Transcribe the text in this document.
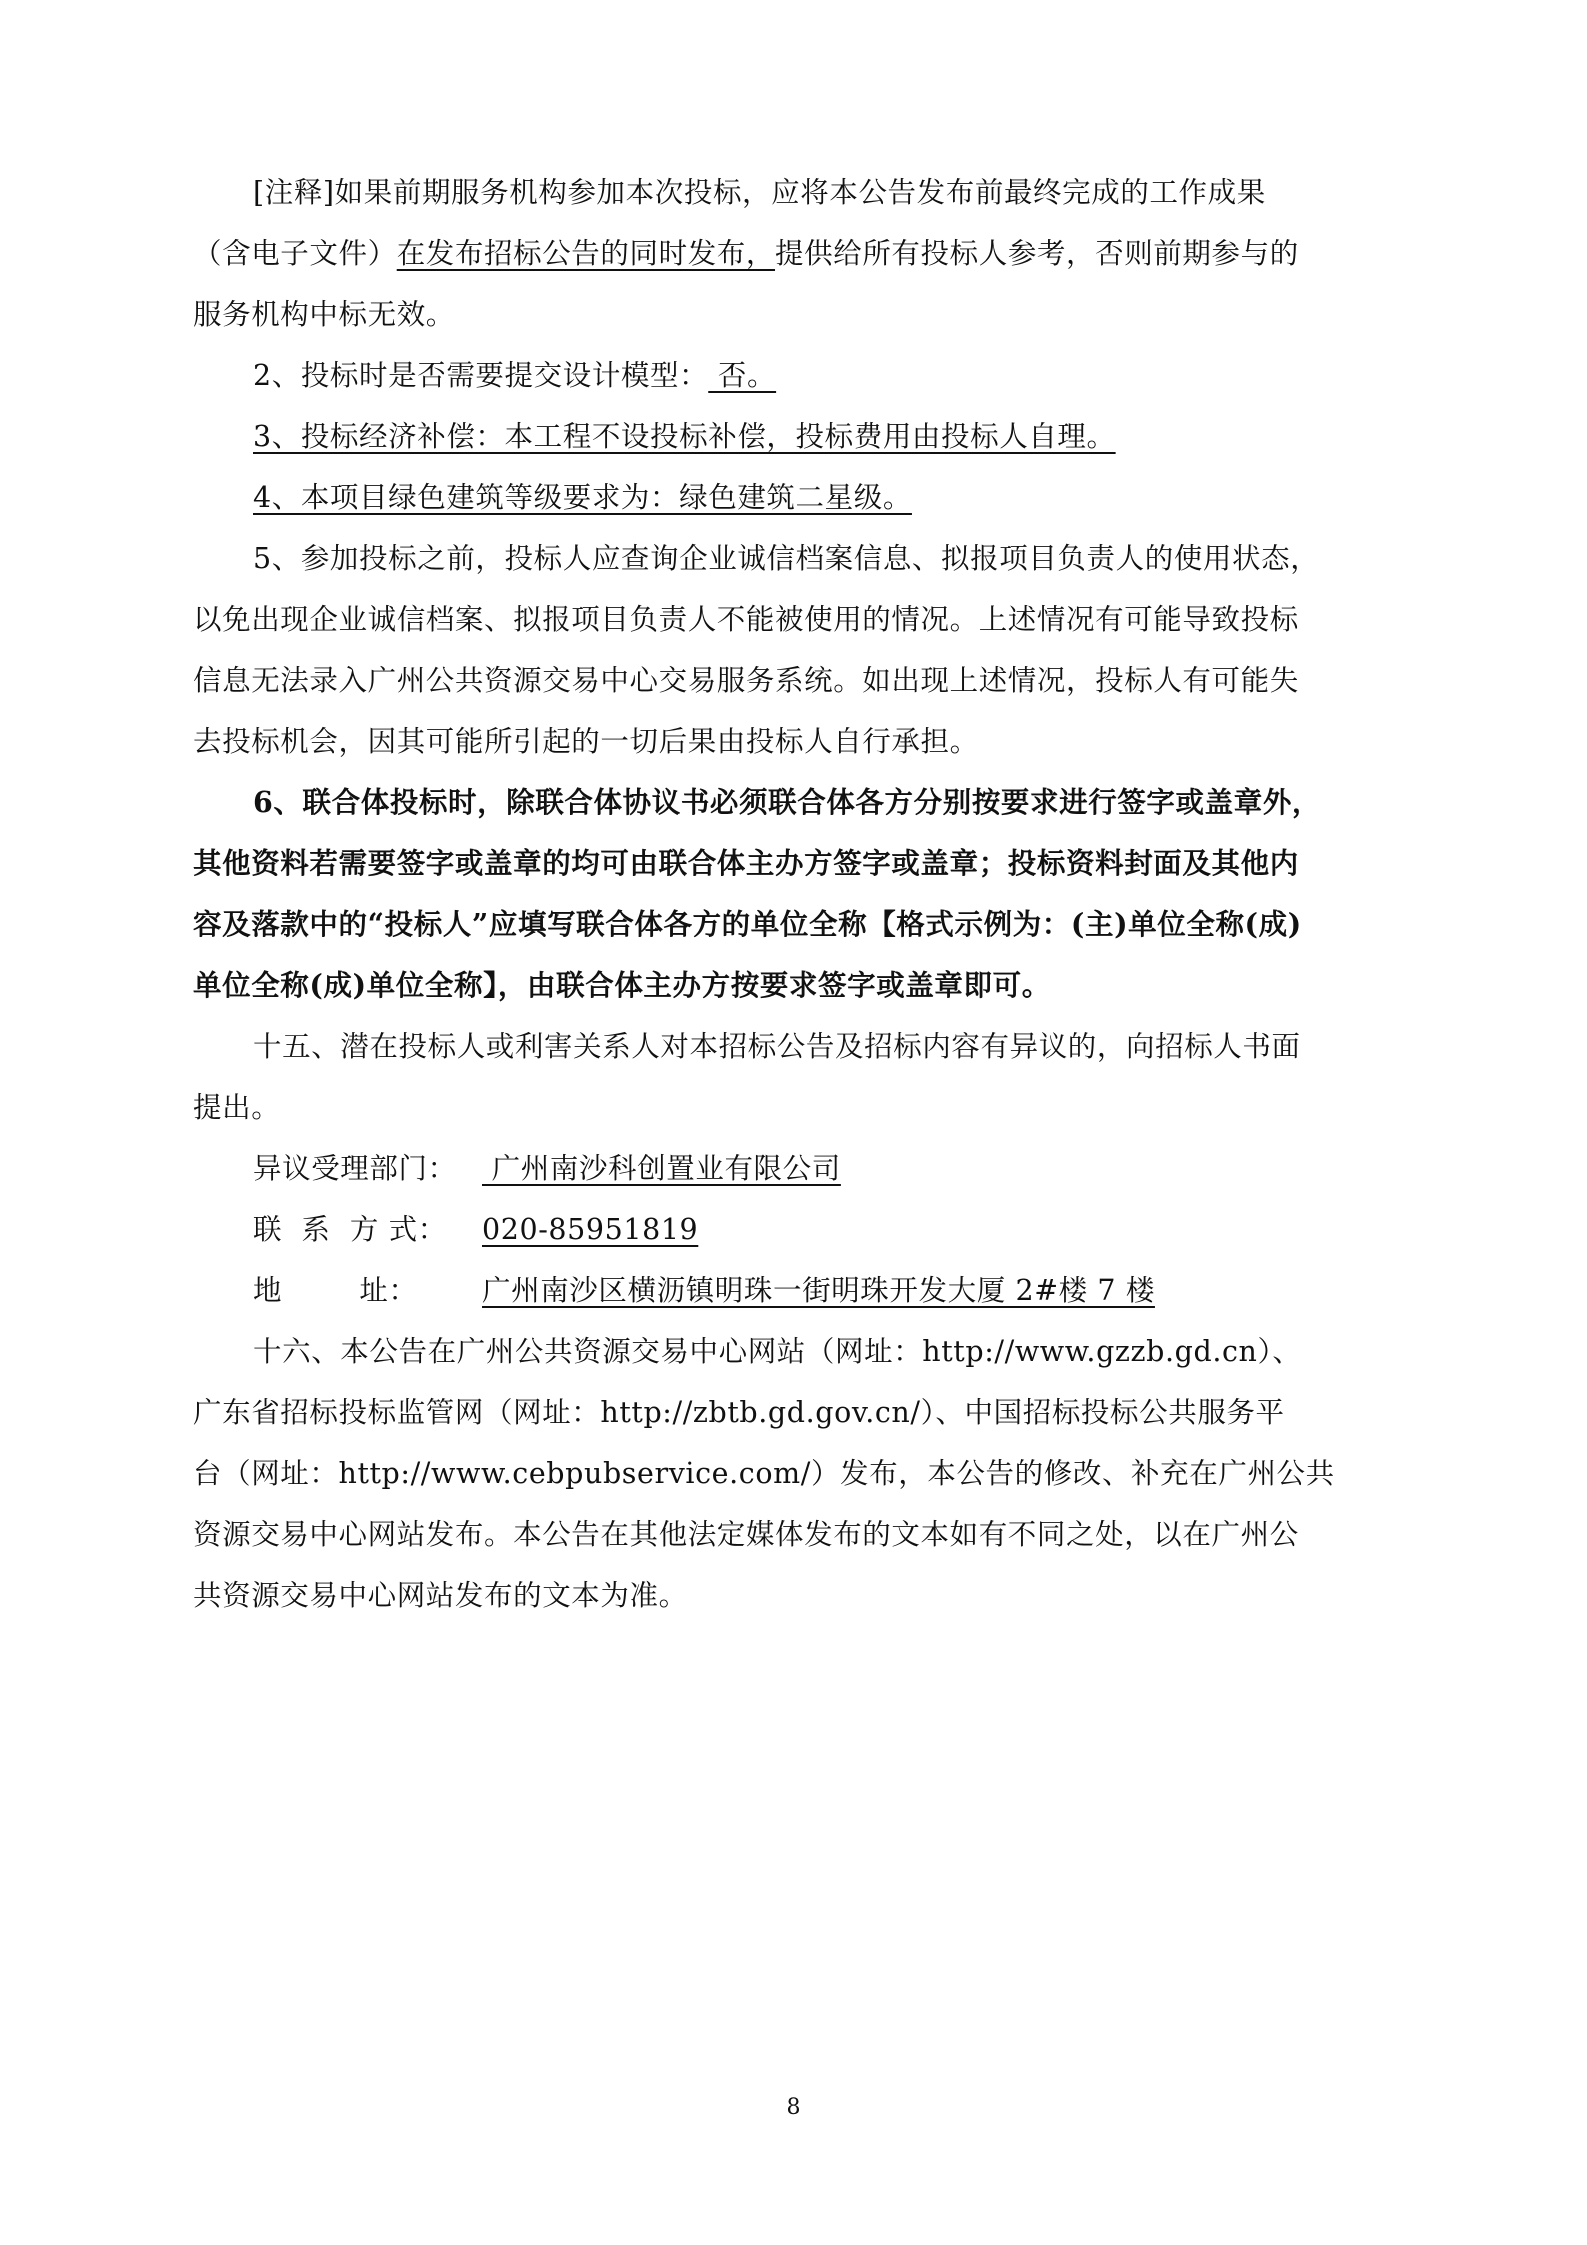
[注释]如果前期服务机构参加本次投标，应将本公告发布前最终完成的工作成果
（含电子文件）在发布招标公告的同时发布，提供给所有投标人参考，否则前期参与的
服务机构中标无效。
2、投标时是否需要提交设计模型： 否。
3、投标经济补偿：本工程不设投标补偿，投标费用由投标人自理。
4、本项目绿色建筑等级要求为：绿色建筑二星级。
5、参加投标之前，投标人应查询企业诚信档案信息、拟报项目负责人的使用状态，
以免出现企业诚信档案、拟报项目负责人不能被使用的情况。上述情况有可能导致投标
信息无法录入广州公共资源交易中心交易服务系统。如出现上述情况，投标人有可能失
去投标机会，因其可能所引起的一切后果由投标人自行承担。
6、联合体投标时，除联合体协议书必须联合体各方分别按要求进行签字或盖章外，
其他资料若需要签字或盖章的均可由联合体主办方签字或盖章；投标资料封面及其他内
容及落款中的“投标人”应填写联合体各方的单位全称【格式示例为：(主)单位全称(成)
单位全称(成)单位全称】，由联合体主办方按要求签字或盖章即可。
十五、潜在投标人或利害关系人对本招标公告及招标内容有异议的，向招标人书面
提出。
异议受理部门： 广州南沙科创置业有限公司
联  系  方 式： 020-85951819
地        址： 广州南沙区横沥镇明珠一街明珠开发大厦 2#楼 7 楼
十六、本公告在广州公共资源交易中心网站（网址：http://www.gzzb.gd.cn）、
广东省招标投标监管网（网址：http://zbtb.gd.gov.cn/）、中国招标投标公共服务平
台（网址：http://www.cebpubservice.com/）发布，本公告的修改、补充在广州公共
资源交易中心网站发布。本公告在其他法定媒体发布的文本如有不同之处，以在广州公
共资源交易中心网站发布的文本为准。
8
